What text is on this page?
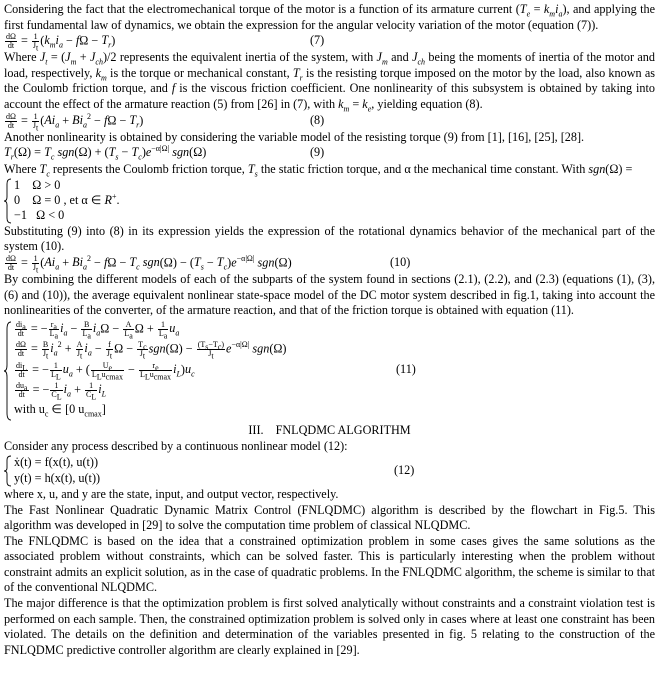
Considering the fact that the electromechanical torque of the motor is a function of its armature current $(T_e = k_mi_a)$, and applying the first fundamental law of dynamics, we obtain the expression for the angular velocity variation of the motor (equation (7)).

$\frac{d\Omega}{dt} = \frac{1}{J_t} (k_mi_a - f\Omega - T_r)$	(7)

Where $J_t = (J_m + J_{ch})/2$ represents the equivalent inertia of the system, with $J_m$ and $J_{ch}$ being the moments of inertia of the motor and load, respectively, $k_m$ is the torque or mechanical constant, $T_r$ is the resisting torque imposed on the motor by the load, also known as the Coulomb friction torque, and f is the viscous friction coefficient. One nonlinearity of this subsystem is obtained by taking into account the effect of the armature reaction (5) from [26] in (7), with $k_m = k_e$, yielding equation (8).

$\frac{d\Omega}{dt} = \frac{1}{J_t} (Ai_a + Bi_a^2 - f\Omega - T_r)$	(8)

Another nonlinearity is obtained by considering the variable model of the resisting torque (9) from [1], [16], [25], [28].

$T_r(\Omega) = T_c$ $sgn(\Omega) + (T_s - T_c)e^{-\alpha|\Omega|}$ sgn(Ω)	(9)

Where $T_c$ represents the Coulomb friction torque, $T_s$ the static friction torque, and α the mechanical time constant. With sgn(Ω) =

1    Ω > 0
0    Ω = 0 , et α ∈ R+.
−1   Ω < 0

Substituting (9) into (8) in its expression yields the expression of the rotational dynamics behavior of the mechanical part of the system (10).

$\frac{d\Omega}{dt} = \frac{1}{J_t} (Ai_a + Bi_a^2 - f\Omega - T_c$ $sgn(\Omega) - (T_s - T_c)e^{-\alpha|\Omega|}$ sgn(Ω)	(10)

By combining the different models of each of the subparts of the system found in sections (2.1), (2.2), and (2.3) (equations (1), (3), (6) and (10)), the average equivalent nonlinear state-space model of the DC motor system described in fig.1, taking into account the nonlinearities of the converter, of the armature reaction, and that of the friction torque is obtained with equation (11).

$\frac{di_a}{dt}$ = − $\frac{r_a}{L_a} i_a - \frac{B}{L_a} i_a\Omega - \frac{A}{L_a}$ $\Omega + \frac{1}{L_a} u_a$
$\frac{d\Omega}{dt} = \frac{B}{J_t} i_a^2 + \frac{A}{J_t} i_a - \frac{f}{J_t}$ $\Omega - \frac{T_c}{J_t} sgn(\Omega) - \frac{(T_s-T_c)}{J_t} e^{-\alpha|\Omega|}$ sgn(Ω)
$\frac{di_L}{dt}$ = − $\frac{1}{L_L} u_a$ + ( $\frac{U_e}{L_Lu_{cmax}} - \frac{r_e}{L_Lu_{cmax}} i_L)u_c$	(11)
$\frac{du_a}{dt}$ = − $\frac{1}{C_L} i_a + \frac{1}{C_L} i_L$
with $u_c$ ∈ [0 $u_{cmax}$]
III. FNLQDMC ALGORITHM

Consider any process described by a continuous nonlinear model (12):

ẋ(t) = f(x(t), u(t))
y(t) = h(x(t), u(t))
(12)

where x, u, and y are the state, input, and output vector, respectively.

The Fast Nonlinear Quadratic Dynamic Matrix Control (FNLQDMC) algorithm is described by the flowchart in Fig.5. This algorithm was developed in [29] to solve the computation time problem of classical NLQDMC.

The FNLQDMC is based on the idea that a constrained optimization problem in some cases gives the same solutions as the associated problem without constraints, which can be solved faster. This is particularly interesting when the problem without constraint admits an explicit solution, as in the case of quadratic problems. In the FNLQDMC algorithm, the scheme is similar to that of the conventional NLQDMC.

The major difference is that the optimization problem is first solved analytically without constraints and a constraint violation test is performed on each sample. Then, the constrained optimization problem is solved only in cases where at least one constraint has been violated. The details on the definition and determination of the variables presented in fig. 5 relating to the construction of the FNLQDMC predictive controller algorithm are clearly explained in [29].
